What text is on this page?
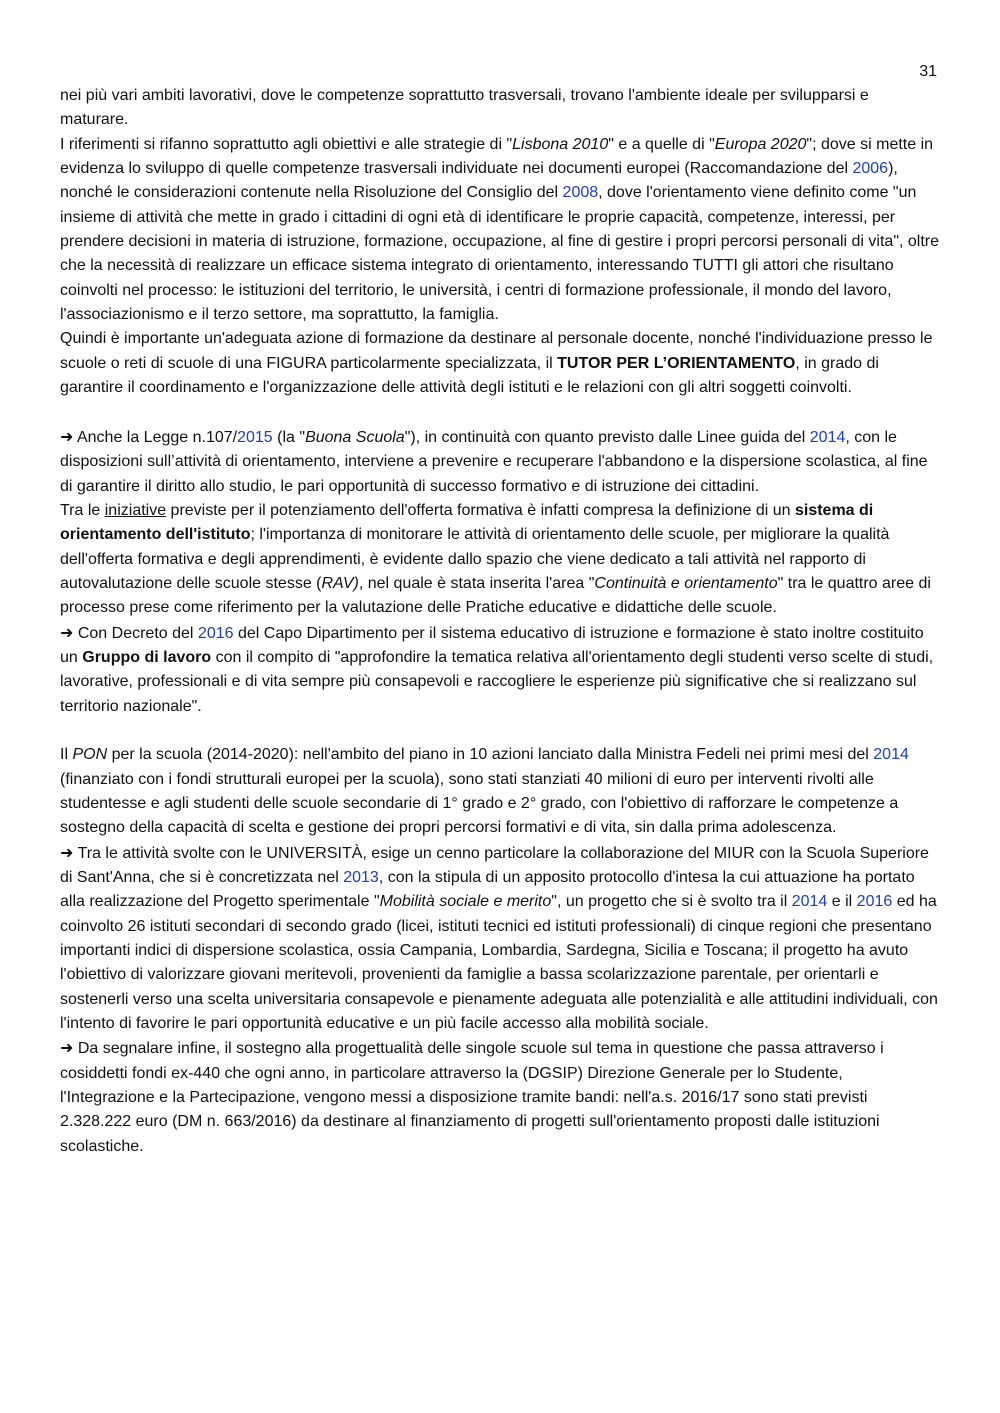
31

nei più vari ambiti lavorativi, dove le competenze soprattutto trasversali, trovano l'ambiente ideale per svilupparsi e maturare.

I riferimenti si rifanno soprattutto agli obiettivi e alle strategie di "Lisbona 2010" e a quelle di "Europa 2020"; dove si mette in evidenza lo sviluppo di quelle competenze trasversali individuate nei documenti europei (Raccomandazione del 2006), nonché le considerazioni contenute nella Risoluzione del Consiglio del 2008, dove l'orientamento viene definito come "un insieme di attività che mette in grado i cittadini di ogni età di identificare le proprie capacità, competenze, interessi, per prendere decisioni in materia di istruzione, formazione, occupazione, al fine di gestire i propri percorsi personali di vita", oltre che la necessità di realizzare un efficace sistema integrato di orientamento, interessando TUTTI gli attori che risultano coinvolti nel processo: le istituzioni del territorio, le università, i centri di formazione professionale, il mondo del lavoro, l'associazionismo e il terzo settore, ma soprattutto, la famiglia.

Quindi è importante un'adeguata azione di formazione da destinare al personale docente, nonché l'individuazione presso le scuole o reti di scuole di una FIGURA particolarmente specializzata, il TUTOR PER L’ORIENTAMENTO, in grado di garantire il coordinamento e l'organizzazione delle attività degli istituti e le relazioni con gli altri soggetti coinvolti.

➜ Anche la Legge n.107/2015 (la "Buona Scuola"), in continuità con quanto previsto dalle Linee guida del 2014, con le disposizioni sull’attività di orientamento, interviene a prevenire e recuperare l'abbandono e la dispersione scolastica, al fine di garantire il diritto allo studio, le pari opportunità di successo formativo e di istruzione dei cittadini.

Tra le iniziative previste per il potenziamento dell'offerta formativa è infatti compresa la definizione di un sistema di orientamento dell'istituto; l'importanza di monitorare le attività di orientamento delle scuole, per migliorare la qualità dell'offerta formativa e degli apprendimenti, è evidente dallo spazio che viene dedicato a tali attività nel rapporto di autovalutazione delle scuole stesse (RAV), nel quale è stata inserita l'area "Continuità e orientamento" tra le quattro aree di processo prese come riferimento per la valutazione delle Pratiche educative e didattiche delle scuole.

➜ Con Decreto del 2016 del Capo Dipartimento per il sistema educativo di istruzione e formazione è stato inoltre costituito un Gruppo di lavoro con il compito di "approfondire la tematica relativa all'orientamento degli studenti verso scelte di studi, lavorative, professionali e di vita sempre più consapevoli e raccogliere le esperienze più significative che si realizzano sul territorio nazionale".

Il PON per la scuola (2014-2020): nell'ambito del piano in 10 azioni lanciato dalla Ministra Fedeli nei primi mesi del 2014 (finanziato con i fondi strutturali europei per la scuola), sono stati stanziati 40 milioni di euro per interventi rivolti alle studentesse e agli studenti delle scuole secondarie di 1° grado e 2° grado, con l'obiettivo di rafforzare le competenze a sostegno della capacità di scelta e gestione dei propri percorsi formativi e di vita, sin dalla prima adolescenza.

➜ Tra le attività svolte con le UNIVERSITÀ, esige un cenno particolare la collaborazione del MIUR con la Scuola Superiore di Sant'Anna, che si è concretizzata nel 2013, con la stipula di un apposito protocollo d'intesa la cui attuazione ha portato alla realizzazione del Progetto sperimentale "Mobilità sociale e merito", un progetto che si è svolto tra il 2014 e il 2016 ed ha coinvolto 26 istituti secondari di secondo grado (licei, istituti tecnici ed istituti professionali) di cinque regioni che presentano importanti indici di dispersione scolastica, ossia Campania, Lombardia, Sardegna, Sicilia e Toscana; il progetto ha avuto l'obiettivo di valorizzare giovani meritevoli, provenienti da famiglie a bassa scolarizzazione parentale, per orientarli e sostenerli verso una scelta universitaria consapevole e pienamente adeguata alle potenzialità e alle attitudini individuali, con l'intento di favorire le pari opportunità educative e un più facile accesso alla mobilità sociale.

➜ Da segnalare infine, il sostegno alla progettualità delle singole scuole sul tema in questione che passa attraverso i cosiddetti fondi ex-440 che ogni anno, in particolare attraverso la (DGSIP) Direzione Generale per lo Studente, l'Integrazione e la Partecipazione, vengono messi a disposizione tramite bandi: nell'a.s. 2016/17 sono stati previsti 2.328.222 euro (DM n. 663/2016) da destinare al finanziamento di progetti sull'orientamento proposti dalle istituzioni scolastiche.
